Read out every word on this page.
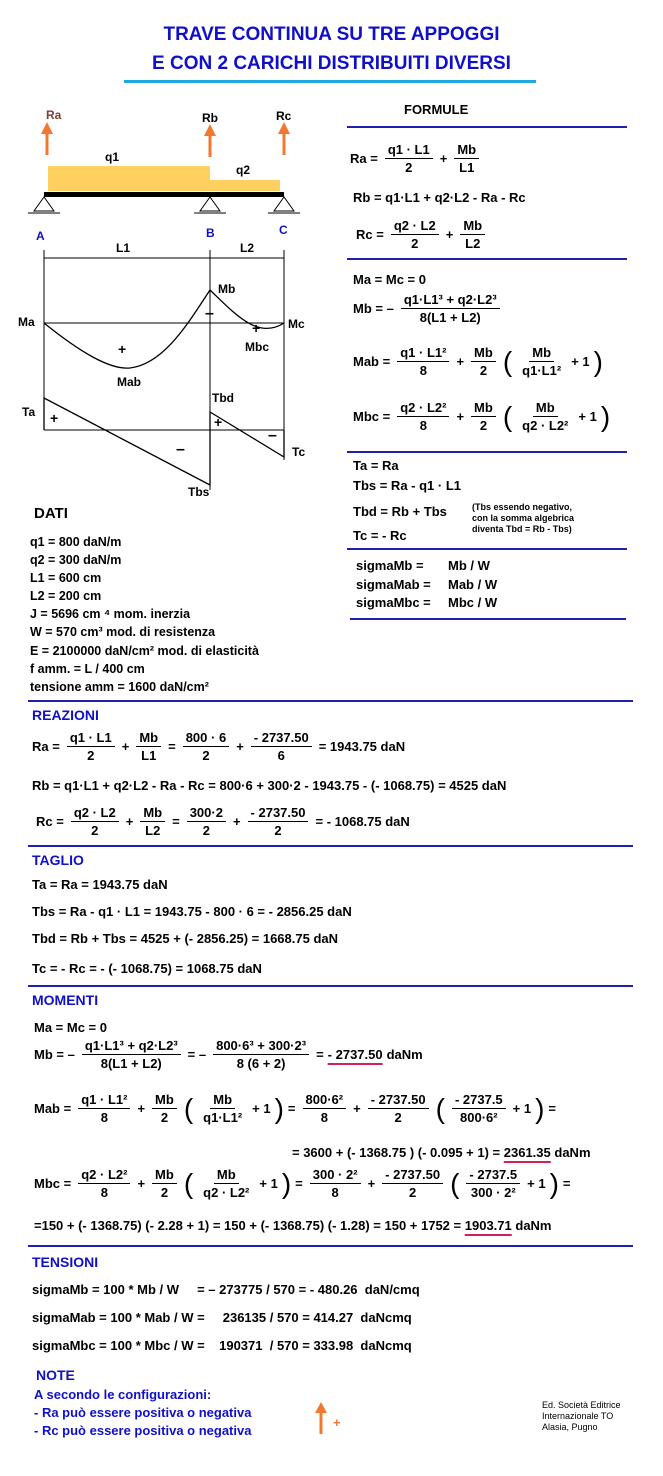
TRAVE CONTINUA SU TRE APPOGGI
E CON 2 CARICHI DISTRIBUITI DIVERSI
Ra	Rb	Rc
q1
q2
A	B	C
L1	L2
Ma
Mb
Mc
Mab
Mbc
+
+
–
Ta
Tbd
Tbs
Tc
+	+
–
–
FORMULE
$Ra = \frac{q1 \cdot L1}{2} + \frac{Mb}{L1}$
Rb = q1·L1 + q2·L2 - Ra - Rc
$Rc = \frac{q2 \cdot L2}{2} + \frac{Mb}{L2}$
Ma = Mc = 0
Mb = – $\frac{\text{q1·L1³ + q2·L2³}}{8(L1 + L2)}$
Mab = $\frac{\text{q1 · L1²}}{8} + \frac{Mb}{2}$ ( $\frac{Mb}{\text{q1·L1²}} + 1$ )
Mbc = $\frac{\text{q2 · L2²}}{8} + \frac{Mb}{2}$ ( $\frac{Mb}{\text{q2 · L2²}} + 1$ )
Ta = Ra
Tbs = Ra - q1 · L1
Tbd = Rb + Tbs	(Tbs essendo negativo,
con la somma algebrica
diventa Tbd = Rb - Tbs)
Tc = - Rc
sigmaMb = Mb / W
sigmaMab = Mab / W
sigmaMbc = Mbc / W
DATI
q1 = 800 daN/m
q2 = 300 daN/m
L1 = 600 cm
L2 = 200 cm
J = 5696 cm ⁴ mom. inerzia
W = 570 cm³ mod. di resistenza
E = 2100000 daN/cm² mod. di elasticità
f amm. = L / 400 cm
tensione amm = 1600 daN/cm²
REAZIONI
$Ra = \frac{q1 \cdot L1}{2} + \frac{Mb}{L1} = \frac{800 \cdot 6}{2} + \frac{- 2737.50}{6} = 1943.75$ daN
Rb = q1·L1 + q2·L2 - Ra - Rc = 800·6 + 300·2 - 1943.75 - (- 1068.75) = 4525 daN
$Rc = \frac{q2 \cdot L2}{2} + \frac{Mb}{L2} = \frac{300\cdot 2}{2} + \frac{- 2737.50}{2}$ = - 1068.75 daN
TAGLIO
Ta = Ra = 1943.75 daN
Tbs = Ra - q1 · L1 = 1943.75 - 800 · 6 = - 2856.25 daN
Tbd = Rb + Tbs = 4525 + (- 2856.25) = 1668.75 daN
Tc = - Rc = - (- 1068.75) = 1068.75 daN
MOMENTI
Ma = Mc = 0
Mb = – $\frac{\text{q1·L1³ + q2·L2³}}{8(L1 + L2)}$ = – $\frac{\text{800·6³ + 300·2³}}{8 (6 + 2)}$ = - 2737.50 daNm
Mab = $\frac{\text{q1 · L1²}}{8} + \frac{Mb}{2}$ ( $\frac{Mb}{\text{q1·L1²}} + 1$ ) = $\frac{\text{800·6²}}{8} + \frac{- 2737.50}{2}$ ( $\frac{- 2737.5}{\text{800·6²}} + 1$ ) =
= 3600 + (- 1368.75 ) (- 0.095 + 1) = 2361.35 daNm
Mbc = $\frac{\text{q2 · L2²}}{8} + \frac{Mb}{2}$ ( $\frac{Mb}{\text{q2 · L2²}} + 1$ ) = $\frac{\text{300 · 2²}}{8} + \frac{- 2737.50}{2}$ ( $\frac{- 2737.5}{\text{300 · 2²}} + 1$ ) =
=150 + (- 1368.75) (- 2.28 + 1) = 150 + (- 1368.75) (- 1.28) = 150 + 1752 = 1903.71 daNm
TENSIONI
sigmaMb = 100 * Mb / W     = – 273775 / 570 = - 480.26  daN/cmq
sigmaMab = 100 * Mab / W =     236135 / 570 = 414.27  daNcmq
sigmaMbc = 100 * Mbc / W =    190371  / 570 = 333.98  daNcmq
NOTE
A secondo le configurazioni:
- Ra può essere positiva o negativa
- Rc può essere positiva o negativa
+
Ed. Società Editrice
Internazionale TO
Alasia, Pugno
